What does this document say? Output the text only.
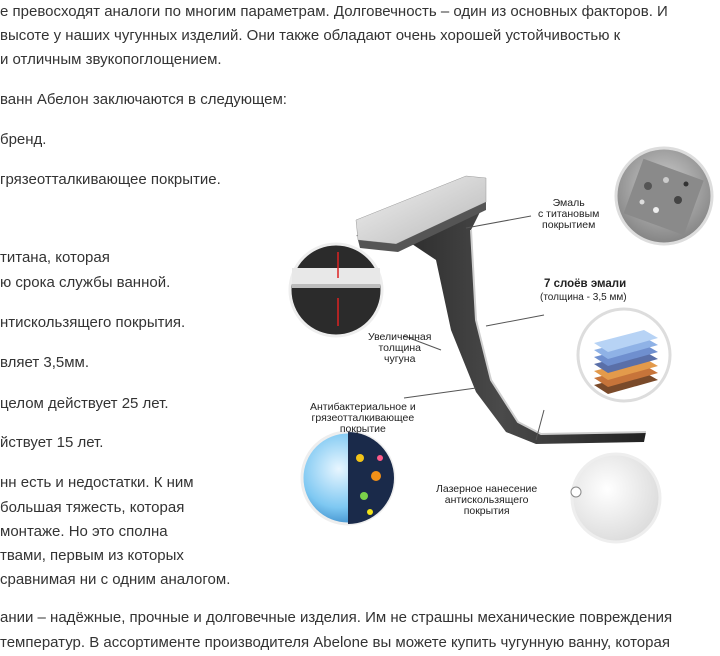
е превосходят аналоги по многим параметрам. Долговечность – один из основных факторов. И
высоте у наших чугунных изделий. Они также обладают очень хорошей устойчивостью к
и отличным звукопоглощением.
ванн Абелон заключаются в следующем:
бренд.
грязеотталкивающее покрытие.
титана, которая
ю срока службы ванной.
нтискользящего покрытия.
вляет 3,5мм.
целом действует 25 лет.
йствует 15 лет.
нн есть и недостатки. К ним
большая тяжесть, которая
монтаже. Но это сполна
твами, первым из которых
сравнимая ни с одним аналогом.
ании – надёжные, прочные и долговечные изделия. Им не страшны механические повреждения
температур. В ассортименте производителя Abelone вы можете купить чугунную ванну, которая
Эмаль
с титановым
покрытием
7 слоёв эмали
(толщина - 3,5 мм)
Увеличенная
толщина
чугуна
Антибактериальное и
грязеотталкивающее
покрытие
Лазерное нанесение
антискользящего
покрытия
